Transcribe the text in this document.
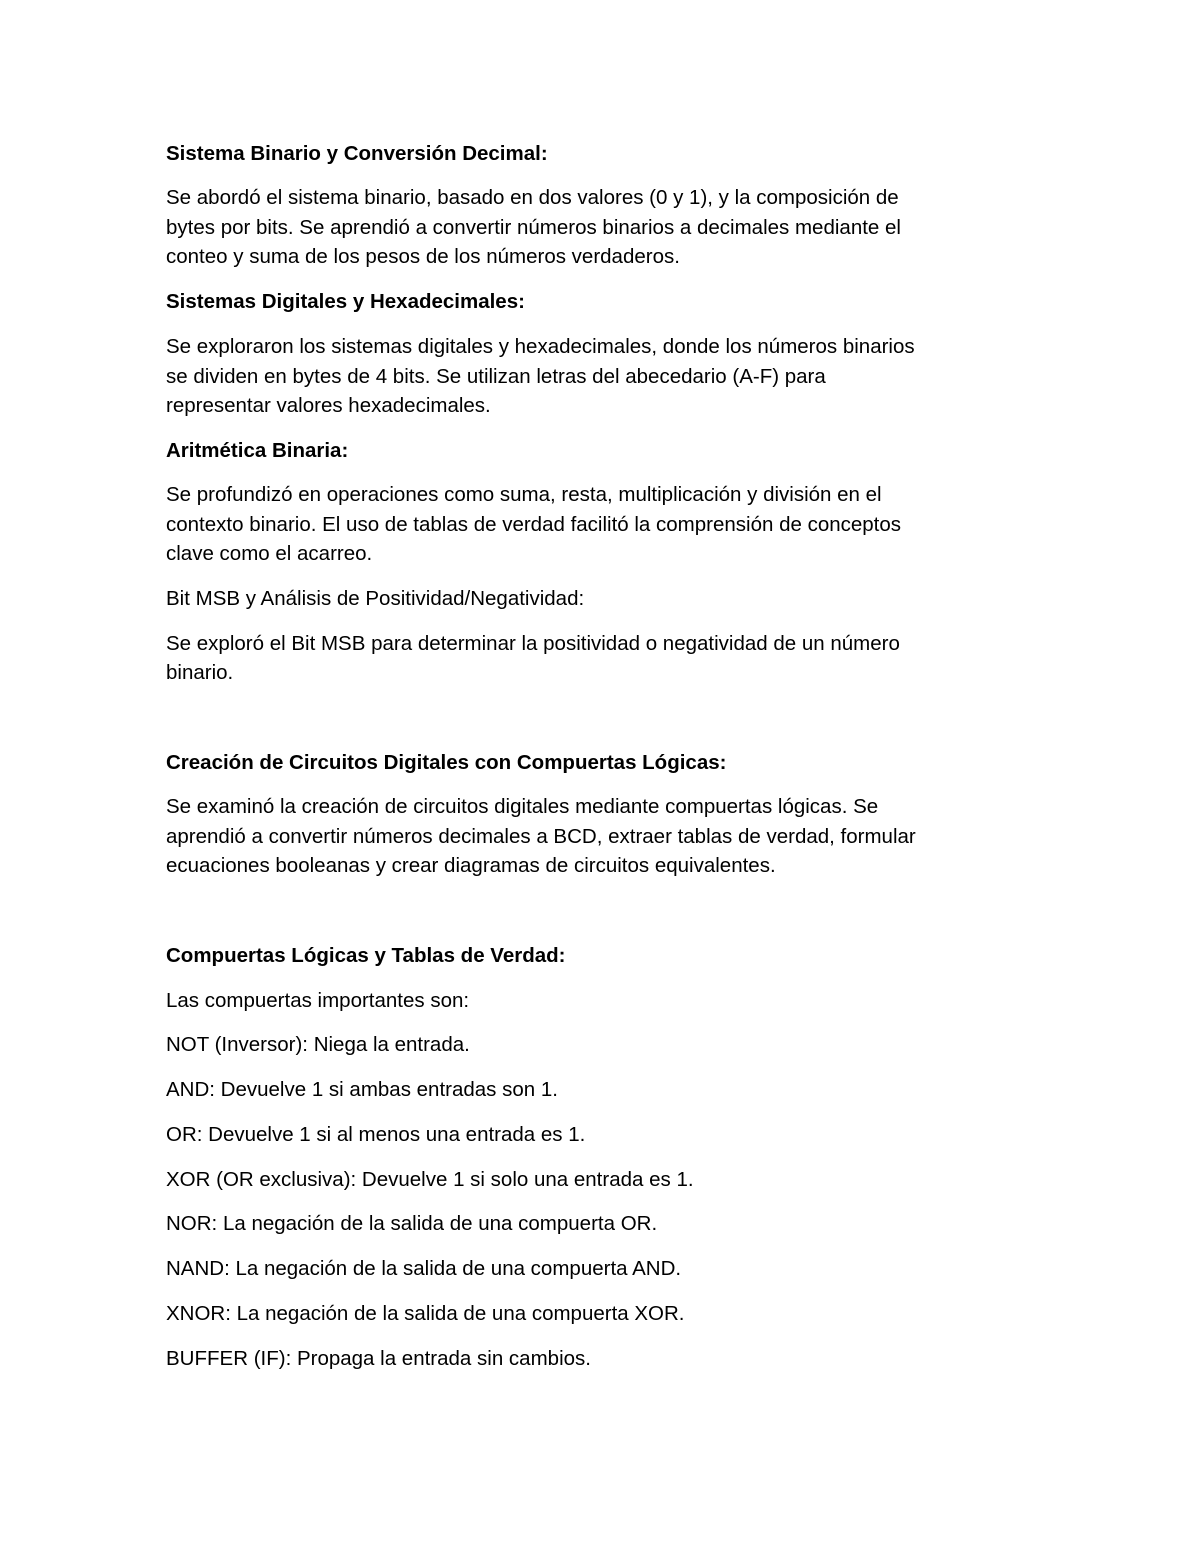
Sistema Binario y Conversión Decimal:

Se abordó el sistema binario, basado en dos valores (0 y 1), y la composición de

bytes por bits. Se aprendió a convertir números binarios a decimales mediante el

conteo y suma de los pesos de los números verdaderos.

Sistemas Digitales y Hexadecimales:

Se exploraron los sistemas digitales y hexadecimales, donde los números binarios

se dividen en bytes de 4 bits. Se utilizan letras del abecedario (A-F) para

representar valores hexadecimales.

Aritmética Binaria:

Se profundizó en operaciones como suma, resta, multiplicación y división en el

contexto binario. El uso de tablas de verdad facilitó la comprensión de conceptos

clave como el acarreo.

Bit MSB y Análisis de Positividad/Negatividad:

Se exploró el Bit MSB para determinar la positividad o negatividad de un número

binario.

Creación de Circuitos Digitales con Compuertas Lógicas:

Se examinó la creación de circuitos digitales mediante compuertas lógicas. Se

aprendió a convertir números decimales a BCD, extraer tablas de verdad, formular

ecuaciones booleanas y crear diagramas de circuitos equivalentes.

Compuertas Lógicas y Tablas de Verdad:

Las compuertas importantes son:

NOT (Inversor): Niega la entrada.

AND: Devuelve 1 si ambas entradas son 1.

OR: Devuelve 1 si al menos una entrada es 1.

XOR (OR exclusiva): Devuelve 1 si solo una entrada es 1.

NOR: La negación de la salida de una compuerta OR.

NAND: La negación de la salida de una compuerta AND.

XNOR: La negación de la salida de una compuerta XOR.

BUFFER (IF): Propaga la entrada sin cambios.
